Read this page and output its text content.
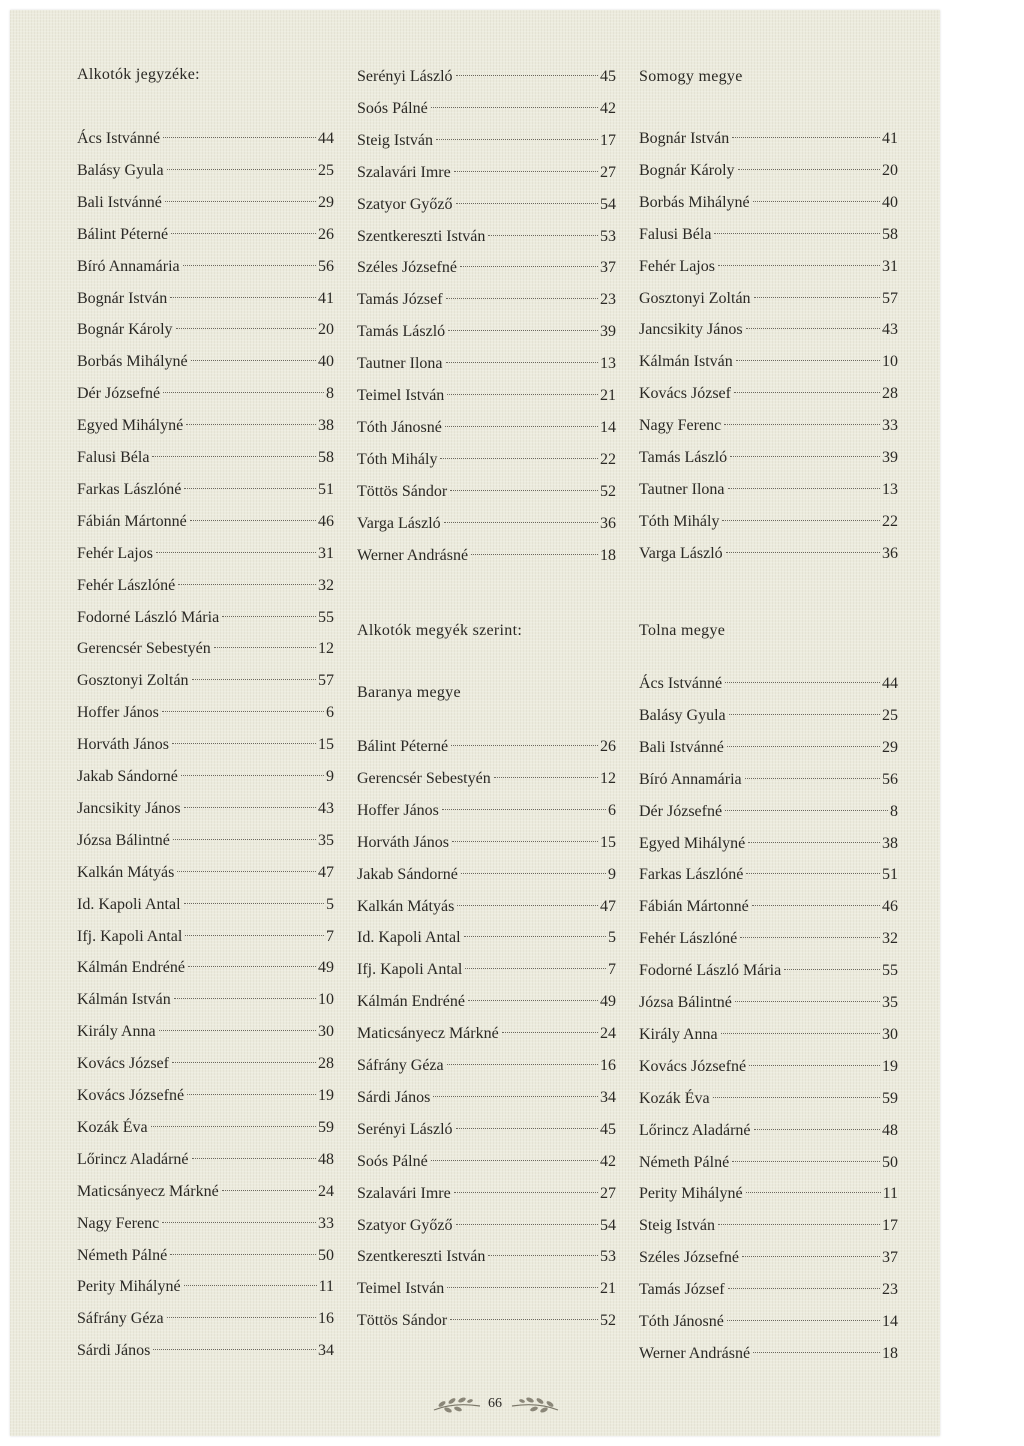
Alkotók jegyzéke:
Alkotók megyék szerint:
Baranya megye
Somogy megye
Tolna megye
Ács Istvánné	44
Balásy Gyula	25
Bali Istvánné	29
Bálint Péterné	26
Bíró Annamária	56
Bognár István	41
Bognár Károly	20
Borbás Mihályné	40
Dér Józsefné	8
Egyed Mihályné	38
Falusi Béla	58
Farkas Lászlóné	51
Fábián Mártonné	46
Fehér Lajos	31
Fehér Lászlóné	32
Fodorné László Mária	55
Gerencsér Sebestyén	12
Gosztonyi Zoltán	57
Hoffer János	6
Horváth János	15
Jakab Sándorné	9
Jancsikity János	43
Józsa Bálintné	35
Kalkán Mátyás	47
Id. Kapoli Antal	5
Ifj. Kapoli Antal	7
Kálmán Endréné	49
Kálmán István	10
Király Anna	30
Kovács József	28
Kovács Józsefné	19
Kozák Éva	59
Lőrincz Aladárné	48
Maticsányecz Márkné	24
Nagy Ferenc	33
Németh Pálné	50
Perity Mihályné	11
Sáfrány Géza	16
Sárdi János	34
Serényi László	45
Soós Pálné	42
Steig István	17
Szalavári Imre	27
Szatyor Győző	54
Szentkereszti István	53
Széles Józsefné	37
Tamás József	23
Tamás László	39
Tautner Ilona	13
Teimel István	21
Tóth Jánosné	14
Tóth Mihály	22
Töttös Sándor	52
Varga László	36
Werner Andrásné	18
Bálint Péterné	26
Gerencsér Sebestyén	12
Hoffer János	6
Horváth János	15
Jakab Sándorné	9
Kalkán Mátyás	47
Id. Kapoli Antal	5
Ifj. Kapoli Antal	7
Kálmán Endréné	49
Maticsányecz Márkné	24
Sáfrány Géza	16
Sárdi János	34
Serényi László	45
Soós Pálné	42
Szalavári Imre	27
Szatyor Győző	54
Szentkereszti István	53
Teimel István	21
Töttös Sándor	52
Bognár István	41
Bognár Károly	20
Borbás Mihályné	40
Falusi Béla	58
Fehér Lajos	31
Gosztonyi Zoltán	57
Jancsikity János	43
Kálmán István	10
Kovács József	28
Nagy Ferenc	33
Tamás László	39
Tautner Ilona	13
Tóth Mihály	22
Varga László	36
Ács Istvánné	44
Balásy Gyula	25
Bali Istvánné	29
Bíró Annamária	56
Dér Józsefné	8
Egyed Mihályné	38
Farkas Lászlóné	51
Fábián Mártonné	46
Fehér Lászlóné	32
Fodorné László Mária	55
Józsa Bálintné	35
Király Anna	30
Kovács Józsefné	19
Kozák Éva	59
Lőrincz Aladárné	48
Németh Pálné	50
Perity Mihályné	11
Steig István	17
Széles Józsefné	37
Tamás József	23
Tóth Jánosné	14
Werner Andrásné	18
66
